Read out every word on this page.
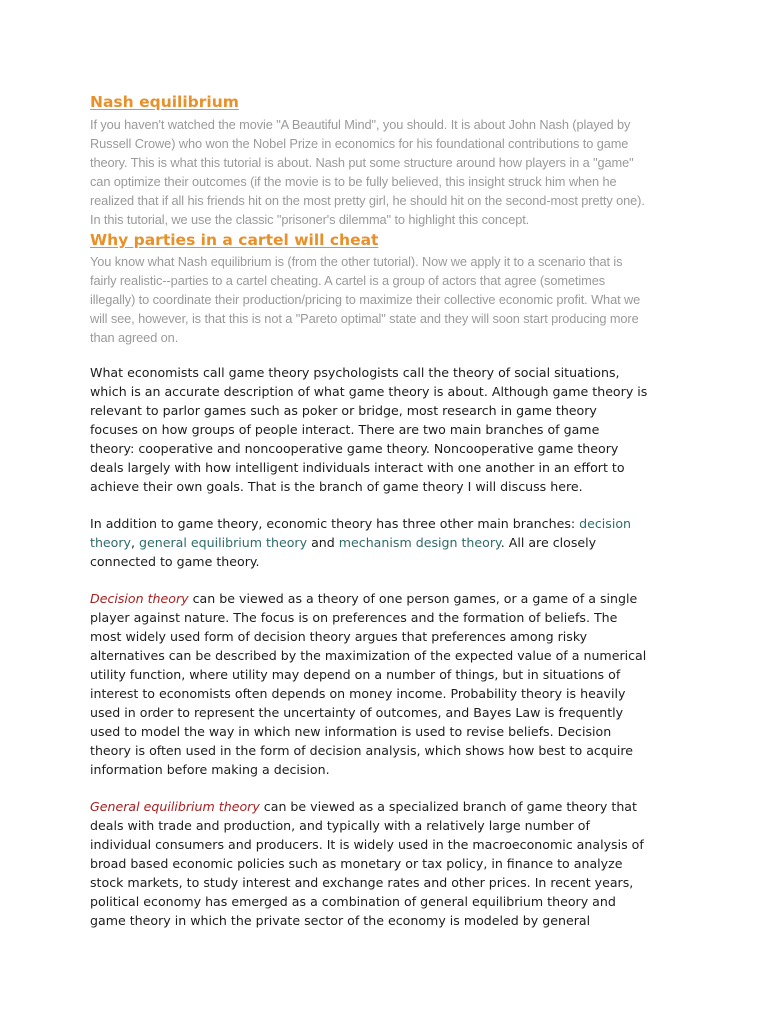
Nash equilibrium
If you haven't watched the movie "A Beautiful Mind", you should. It is about John Nash (played by
Russell Crowe) who won the Nobel Prize in economics for his foundational contributions to game
theory. This is what this tutorial is about. Nash put some structure around how players in a "game"
can optimize their outcomes (if the movie is to be fully believed, this insight struck him when he
realized that if all his friends hit on the most pretty girl, he should hit on the second-most pretty one).
In this tutorial, we use the classic "prisoner's dilemma" to highlight this concept.
Why parties in a cartel will cheat
You know what Nash equilibrium is (from the other tutorial). Now we apply it to a scenario that is
fairly realistic--parties to a cartel cheating. A cartel is a group of actors that agree (sometimes
illegally) to coordinate their production/pricing to maximize their collective economic profit. What we
will see, however, is that this is not a "Pareto optimal" state and they will soon start producing more
than agreed on.
What economists call game theory psychologists call the theory of social situations,
which is an accurate description of what game theory is about. Although game theory is
relevant to parlor games such as poker or bridge, most research in game theory
focuses on how groups of people interact. There are two main branches of game
theory: cooperative and noncooperative game theory. Noncooperative game theory
deals largely with how intelligent individuals interact with one another in an effort to
achieve their own goals. That is the branch of game theory I will discuss here.
In addition to game theory, economic theory has three other main branches: decision
theory, general equilibrium theory and mechanism design theory. All are closely
connected to game theory.
Decision theory can be viewed as a theory of one person games, or a game of a single
player against nature. The focus is on preferences and the formation of beliefs. The
most widely used form of decision theory argues that preferences among risky
alternatives can be described by the maximization of the expected value of a numerical
utility function, where utility may depend on a number of things, but in situations of
interest to economists often depends on money income. Probability theory is heavily
used in order to represent the uncertainty of outcomes, and Bayes Law is frequently
used to model the way in which new information is used to revise beliefs. Decision
theory is often used in the form of decision analysis, which shows how best to acquire
information before making a decision.
General equilibrium theory can be viewed as a specialized branch of game theory that
deals with trade and production, and typically with a relatively large number of
individual consumers and producers. It is widely used in the macroeconomic analysis of
broad based economic policies such as monetary or tax policy, in finance to analyze
stock markets, to study interest and exchange rates and other prices. In recent years,
political economy has emerged as a combination of general equilibrium theory and
game theory in which the private sector of the economy is modeled by general
